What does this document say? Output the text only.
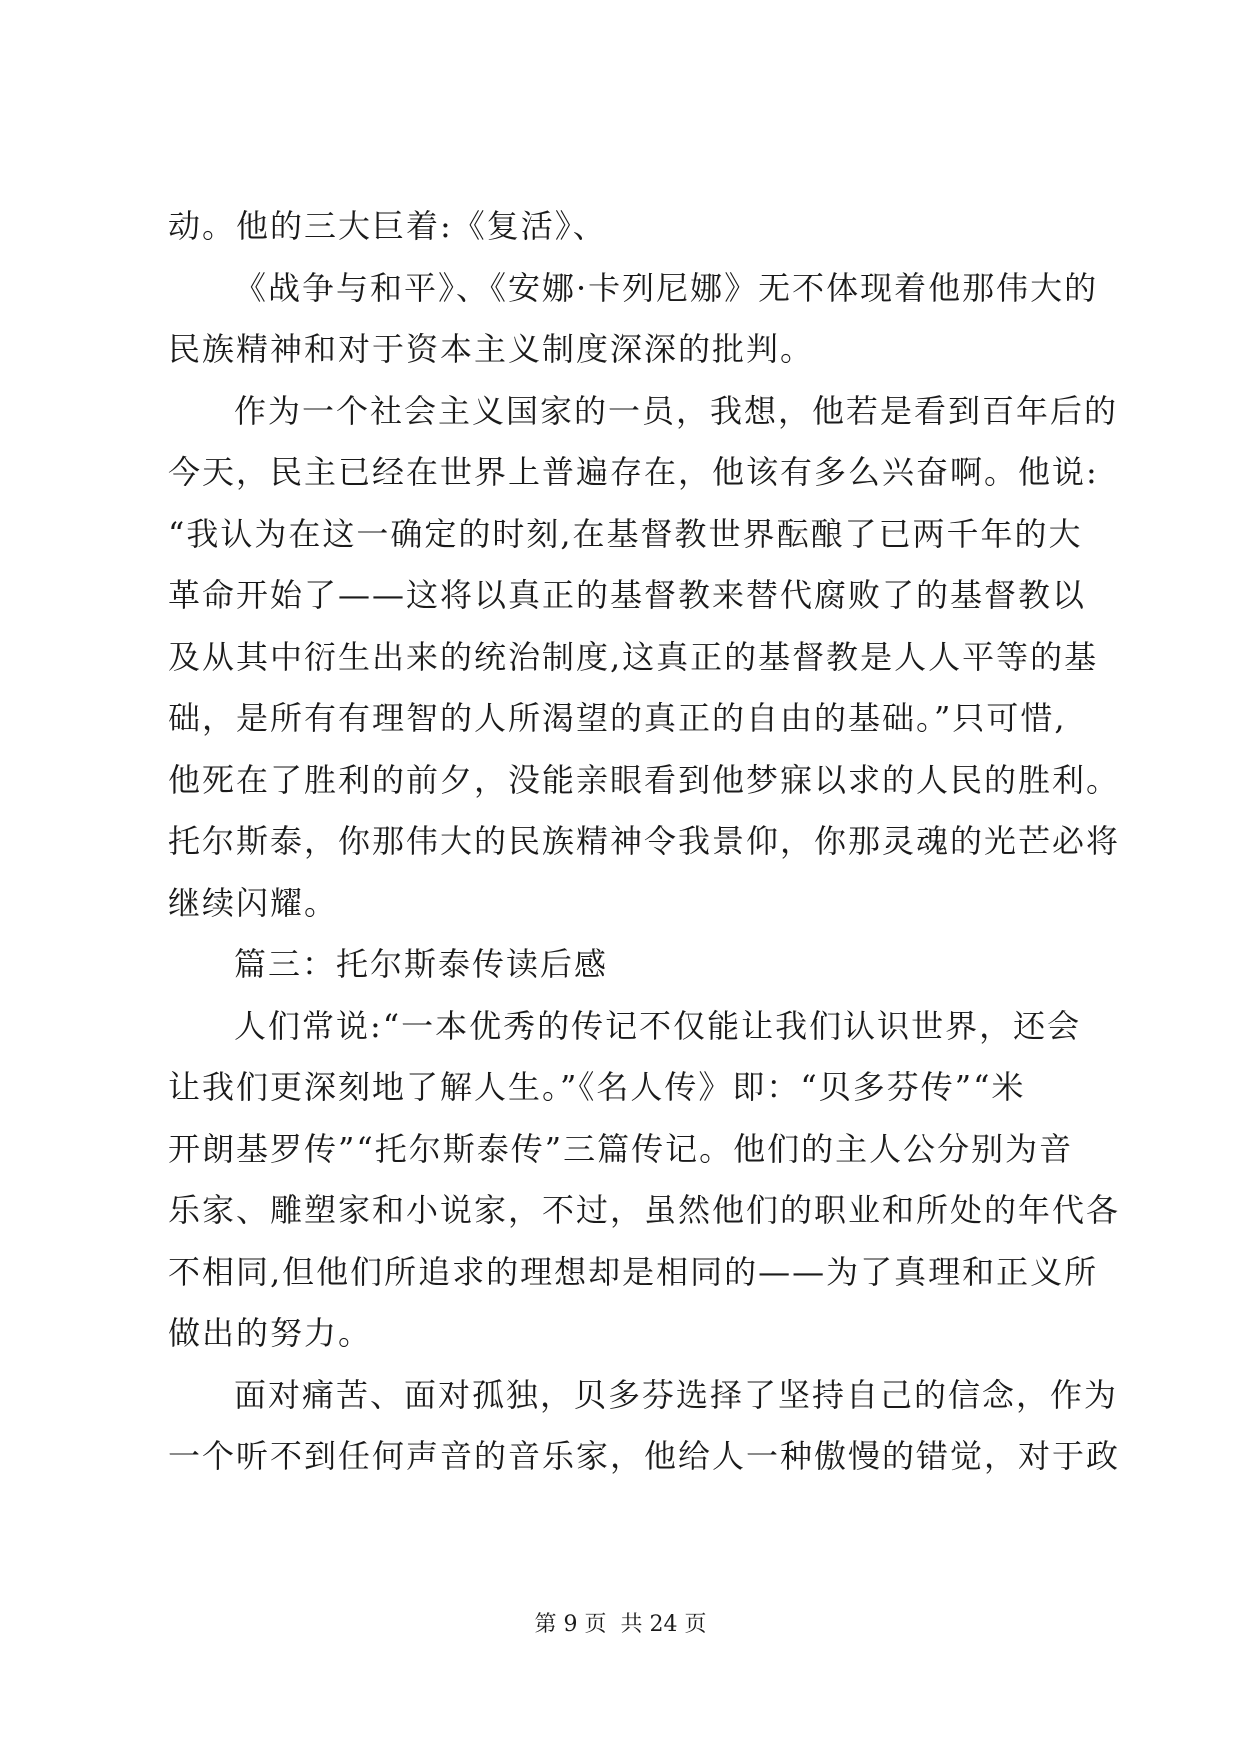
动。他的三大巨着:《复活》、
《战争与和平》、《安娜·卡列尼娜》无不体现着他那伟大的
民族精神和对于资本主义制度深深的批判。
作为一个社会主义国家的一员，我想，他若是看到百年后的
今天，民主已经在世界上普遍存在，他该有多么兴奋啊。他说:
“我认为在这一确定的时刻,在基督教世界酝酿了已两千年的大
革命开始了——这将以真正的基督教来替代腐败了的基督教以
及从其中衍生出来的统治制度,这真正的基督教是人人平等的基
础，是所有有理智的人所渴望的真正的自由的基础。”只可惜,
他死在了胜利的前夕，没能亲眼看到他梦寐以求的人民的胜利。
托尔斯泰，你那伟大的民族精神令我景仰，你那灵魂的光芒必将
继续闪耀。
篇三：托尔斯泰传读后感
人们常说:“一本优秀的传记不仅能让我们认识世界，还会
让我们更深刻地了解人生。”《名人传》即：“贝多芬传”“米
开朗基罗传”“托尔斯泰传”三篇传记。他们的主人公分别为音
乐家、雕塑家和小说家，不过，虽然他们的职业和所处的年代各
不相同,但他们所追求的理想却是相同的——为了真理和正义所
做出的努力。
面对痛苦、面对孤独，贝多芬选择了坚持自己的信念，作为
一个听不到任何声音的音乐家，他给人一种傲慢的错觉，对于政
第 9 页  共 24 页
